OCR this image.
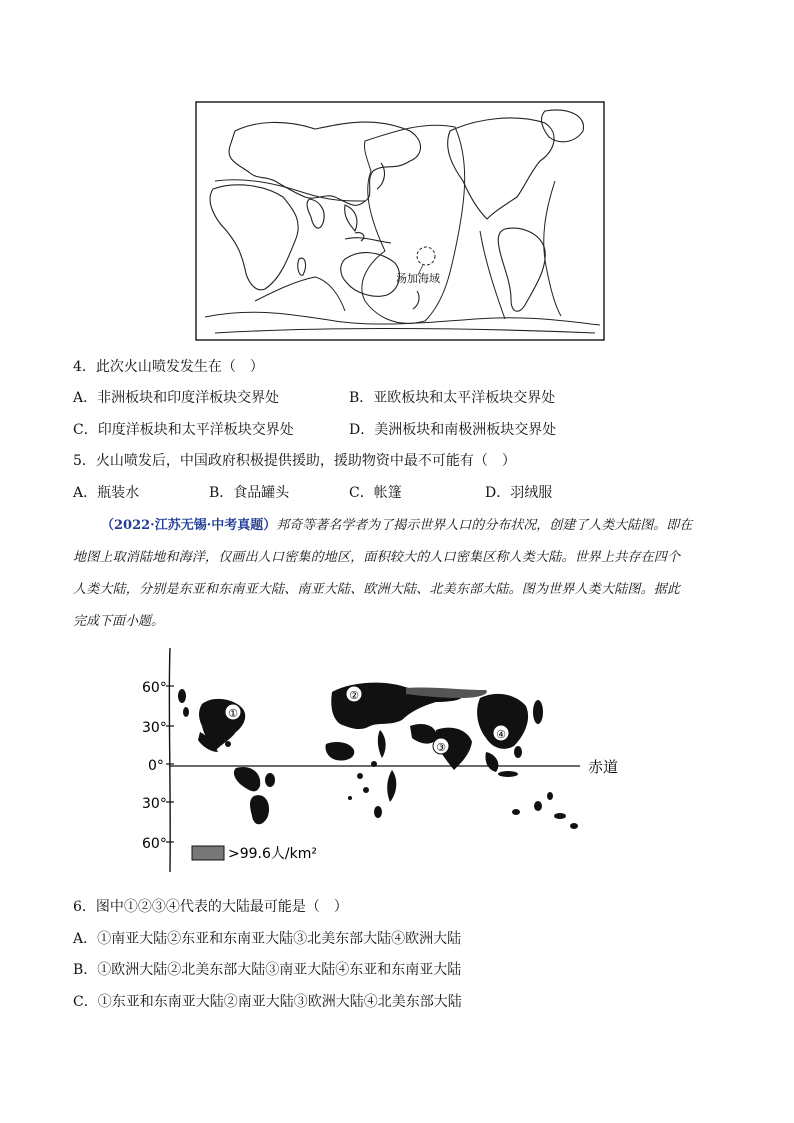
汤加海域
4．此次火山喷发发生在（　）
A．非洲板块和印度洋板块交界处	B．亚欧板块和太平洋板块交界处
C．印度洋板块和太平洋板块交界处	D．美洲板块和南极洲板块交界处
5．火山喷发后，中国政府积极提供援助，援助物资中最不可能有（　）
A．瓶装水	B．食品罐头	C．帐篷	D．羽绒服
（2022·江苏无锡·中考真题）邦奇等著名学者为了揭示世界人口的分布状况，创建了人类大陆图。即在
地图上取消陆地和海洋，仅画出人口密集的地区，面积较大的人口密集区称人类大陆。世界上共存在四个
人类大陆，分别是东亚和东南亚大陆、南亚大陆、欧洲大陆、北美东部大陆。图为世界人类大陆图。据此
完成下面小题。
60°
30°
0°
30°
60°
赤道
①
②
③
④
>99.6人/km²
6．图中①②③④代表的大陆最可能是（　）
A．①南亚大陆②东亚和东南亚大陆③北美东部大陆④欧洲大陆
B．①欧洲大陆②北美东部大陆③南亚大陆④东亚和东南亚大陆
C．①东亚和东南亚大陆②南亚大陆③欧洲大陆④北美东部大陆
